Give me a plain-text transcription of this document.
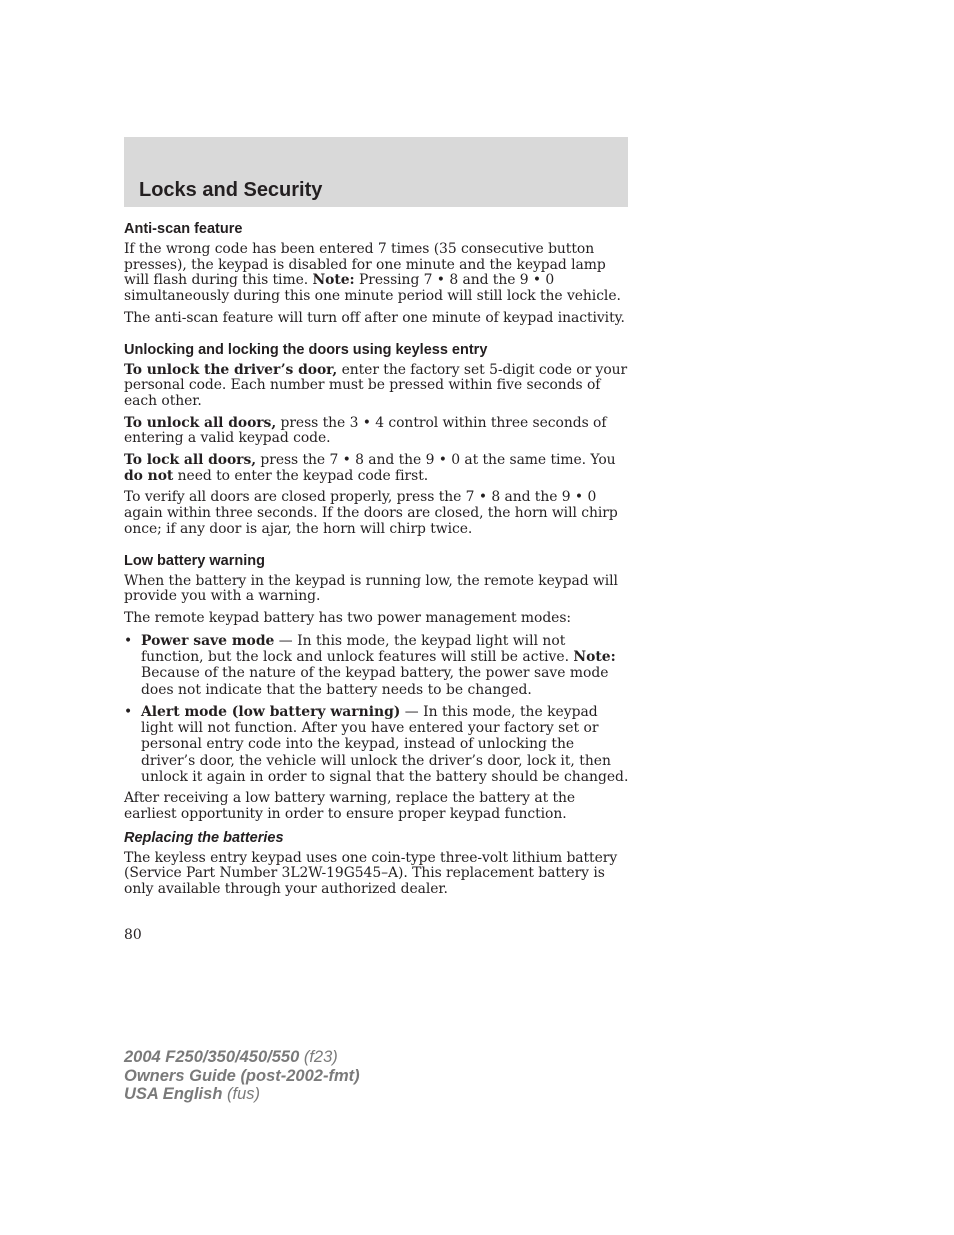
Locks and Security
Anti-scan feature

If the wrong code has been entered 7 times (35 consecutive button presses), the keypad is disabled for one minute and the keypad lamp will flash during this time. Note: Pressing 7 • 8 and the 9 • 0 simultaneously during this one minute period will still lock the vehicle.

The anti-scan feature will turn off after one minute of keypad inactivity.

Unlocking and locking the doors using keyless entry

To unlock the driver’s door, enter the factory set 5-digit code or your personal code. Each number must be pressed within five seconds of each other.

To unlock all doors, press the 3 • 4 control within three seconds of entering a valid keypad code.

To lock all doors, press the 7 • 8 and the 9 • 0 at the same time. You do not need to enter the keypad code first.

To verify all doors are closed properly, press the 7 • 8 and the 9 • 0 again within three seconds. If the doors are closed, the horn will chirp once; if any door is ajar, the horn will chirp twice.

Low battery warning

When the battery in the keypad is running low, the remote keypad will provide you with a warning.

The remote keypad battery has two power management modes:

• Power save mode — In this mode, the keypad light will not function, but the lock and unlock features will still be active. Note: Because of the nature of the keypad battery, the power save mode does not indicate that the battery needs to be changed.
• Alert mode (low battery warning) — In this mode, the keypad light will not function. After you have entered your factory set or personal entry code into the keypad, instead of unlocking the driver’s door, the vehicle will unlock the driver’s door, lock it, then unlock it again in order to signal that the battery should be changed.

After receiving a low battery warning, replace the battery at the earliest opportunity in order to ensure proper keypad function.

Replacing the batteries

The keyless entry keypad uses one coin-type three-volt lithium battery (Service Part Number 3L2W-19G545–A). This replacement battery is only available through your authorized dealer.

80
2004 F250/350/450/550 (f23)
Owners Guide (post-2002-fmt)
USA English (fus)
